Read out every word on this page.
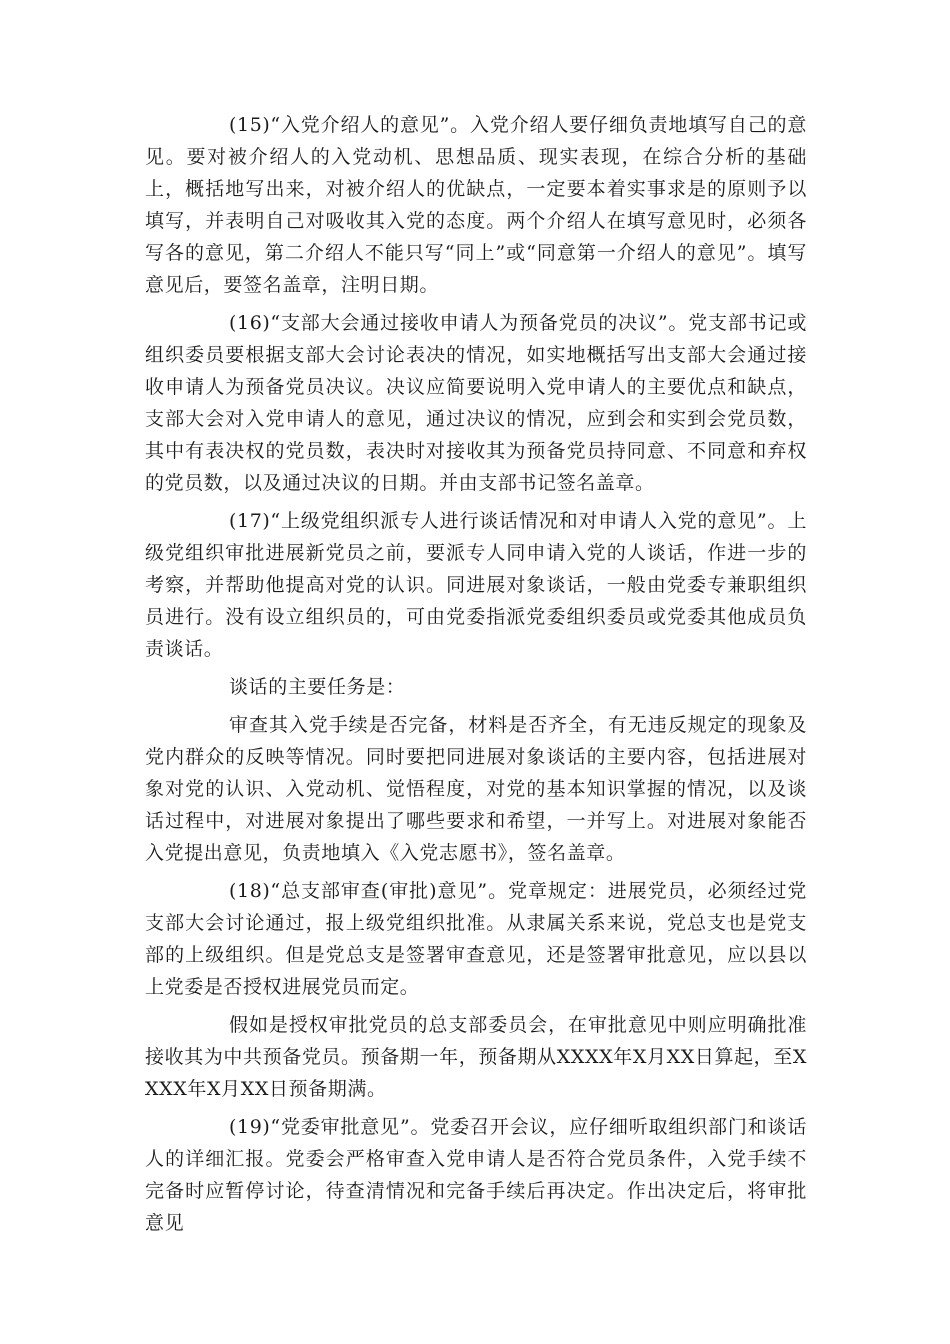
(15)“入党介绍人的意见”。入党介绍人要仔细负责地填写自己的意见。要对被介绍人的入党动机、思想品质、现实表现，在综合分析的基础上，概括地写出来，对被介绍人的优缺点，一定要本着实事求是的原则予以填写，并表明自己对吸收其入党的态度。两个介绍人在填写意见时，必须各写各的意见，第二介绍人不能只写“同上”或“同意第一介绍人的意见”。填写意见后，要签名盖章，注明日期。

(16)“支部大会通过接收申请人为预备党员的决议”。党支部书记或组织委员要根据支部大会讨论表决的情况，如实地概括写出支部大会通过接收申请人为预备党员决议。决议应简要说明入党申请人的主要优点和缺点，支部大会对入党申请人的意见，通过决议的情况，应到会和实到会党员数，其中有表决权的党员数，表决时对接收其为预备党员持同意、不同意和弃权的党员数，以及通过决议的日期。并由支部书记签名盖章。

(17)“上级党组织派专人进行谈话情况和对申请人入党的意见”。上级党组织审批进展新党员之前，要派专人同申请入党的人谈话，作进一步的考察，并帮助他提高对党的认识。同进展对象谈话，一般由党委专兼职组织员进行。没有设立组织员的，可由党委指派党委组织委员或党委其他成员负责谈话。

谈话的主要任务是：

审查其入党手续是否完备，材料是否齐全，有无违反规定的现象及党内群众的反映等情况。同时要把同进展对象谈话的主要内容，包括进展对象对党的认识、入党动机、觉悟程度，对党的基本知识掌握的情况，以及谈话过程中，对进展对象提出了哪些要求和希望，一并写上。对进展对象能否入党提出意见，负责地填入《入党志愿书》，签名盖章。

(18)“总支部审查(审批)意见”。党章规定：进展党员，必须经过党支部大会讨论通过，报上级党组织批准。从隶属关系来说，党总支也是党支部的上级组织。但是党总支是签署审查意见，还是签署审批意见，应以县以上党委是否授权进展党员而定。

假如是授权审批党员的总支部委员会，在审批意见中则应明确批准接收其为中共预备党员。预备期一年，预备期从XXXX年X月XX日算起，至XXXX年X月XX日预备期满。

(19)“党委审批意见”。党委召开会议，应仔细听取组织部门和谈话人的详细汇报。党委会严格审查入党申请人是否符合党员条件，入党手续不完备时应暂停讨论，待查清情况和完备手续后再决定。作出决定后，将审批意见
